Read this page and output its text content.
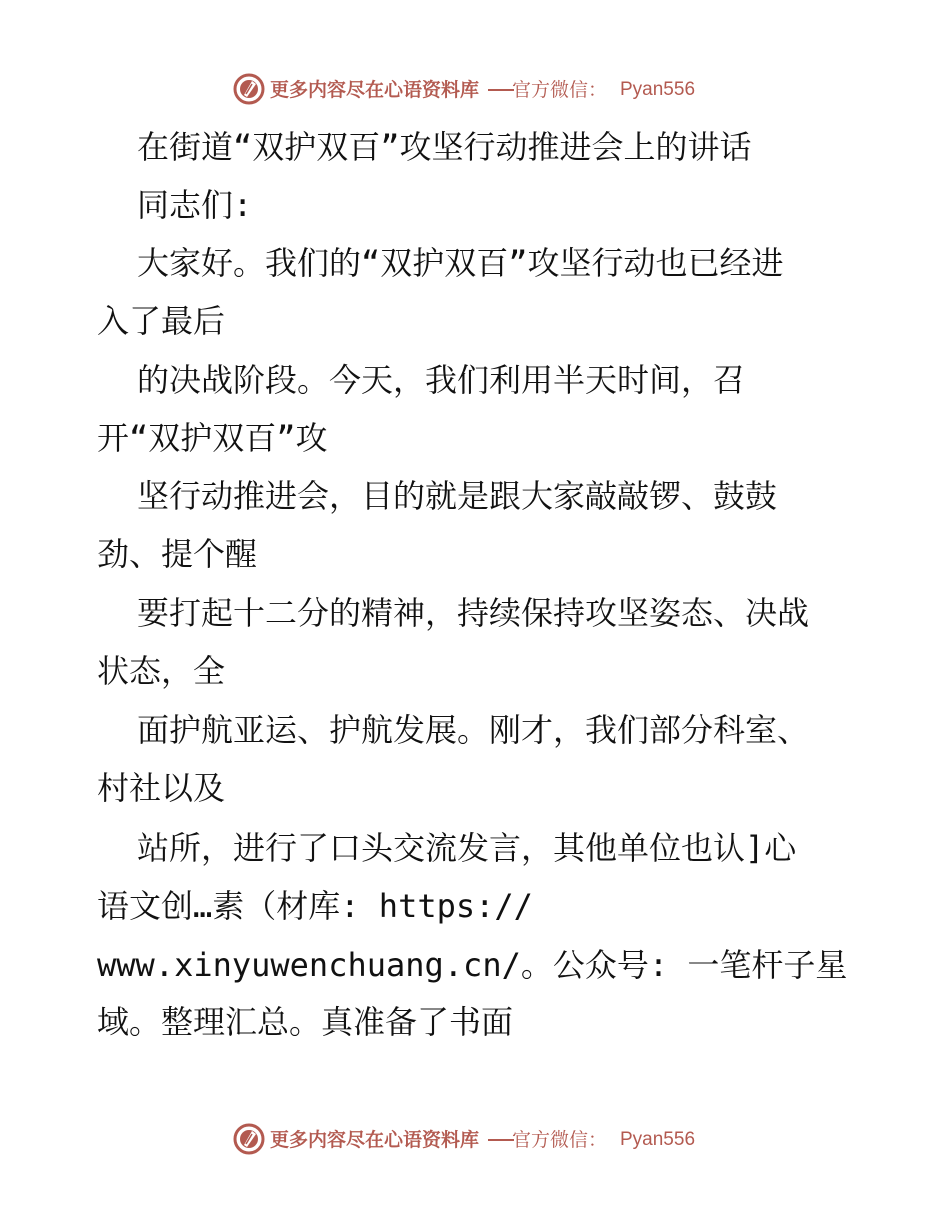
更多内容尽在心语资料库	官方微信： Pyan556
在街道“双护双百”攻坚行动推进会上的讲话
同志们:
大家好。我们的“双护双百”攻坚行动也已经进
入了最后
的决战阶段。今天，我们利用半天时间，召
开“双护双百”攻
坚行动推进会，目的就是跟大家敲敲锣、鼓鼓
劲、提个醒
要打起十二分的精神，持续保持攻坚姿态、决战
状态，全
面护航亚运、护航发展。刚才，我们部分科室、
村社以及
站所，进行了口头交流发言，其他单位也认]心
语文创…素（材库: https://
www.xinyuwenchuang.cn/。公众号: 一笔杆子星
域。整理汇总。真准备了书面
更多内容尽在心语资料库	官方微信： Pyan556
